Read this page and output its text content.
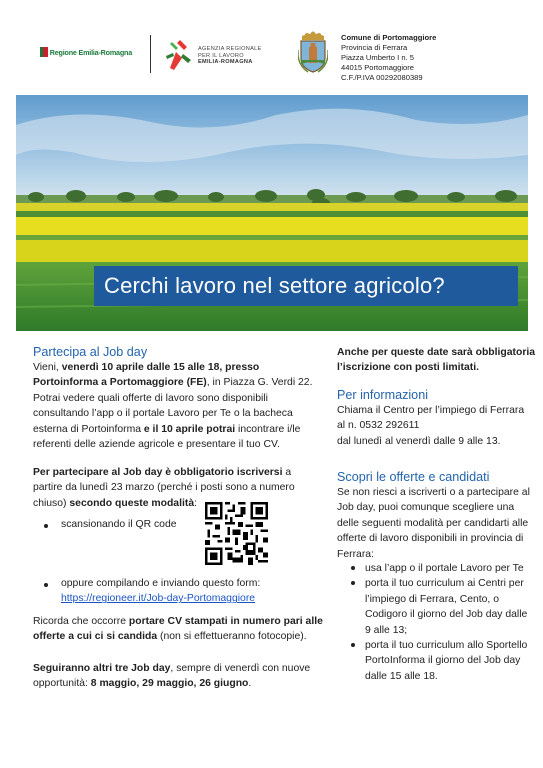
Regione Emilia-Romagna	AGENZIA REGIONALE
PER IL LAVORO
EMILIA-ROMAGNA
Comune di Portomaggiore
Provincia di Ferrara
Piazza Umberto I n. 5
44015 Portomaggiore
C.F./P.IVA 00292080389
Cerchi lavoro nel settore agricolo?
Partecipa al Job day
Vieni, venerdì 10 aprile dalle 15 alle 18, presso Portoinforma a Portomaggiore (FE), in Piazza G. Verdi 22. Potrai vedere quali offerte di lavoro sono disponibili consultando l’app o il portale Lavoro per Te o la bacheca esterna di Portoinforma e il 10 aprile potrai incontrare i/le referenti delle aziende agricole e presentare il tuo CV.
Per partecipare al Job day è obbligatorio iscriversi a partire da lunedì 23 marzo (perché i posti sono a numero chiuso) secondo queste modalità:
scansionando il QR code
oppure compilando e inviando questo form:
https://regioneer.it/Job-day-Portomaggiore
Ricorda che occorre portare CV stampati in numero pari alle offerte a cui ci si candida (non si effettueranno fotocopie).
Seguiranno altri tre Job day, sempre di venerdì con nuove opportunità: 8 maggio, 29 maggio, 26 giugno.
Anche per queste date sarà obbligatoria l’iscrizione con posti limitati.
Per informazioni
Chiama il Centro per l’impiego di Ferrara al n. 0532 292611
dal lunedì al venerdì dalle 9 alle 13.
Scopri le offerte e candidati
Se non riesci a iscriverti o a partecipare al Job day, puoi comunque scegliere una delle seguenti modalità per candidarti alle offerte di lavoro disponibili in provincia di Ferrara:
usa l’app o il portale Lavoro per Te
porta il tuo curriculum ai Centri per l’impiego di Ferrara, Cento, o Codigoro il giorno del Job day dalle 9 alle 13;
porta il tuo curriculum allo Sportello PortoInforma il giorno del Job day dalle 15 alle 18.
